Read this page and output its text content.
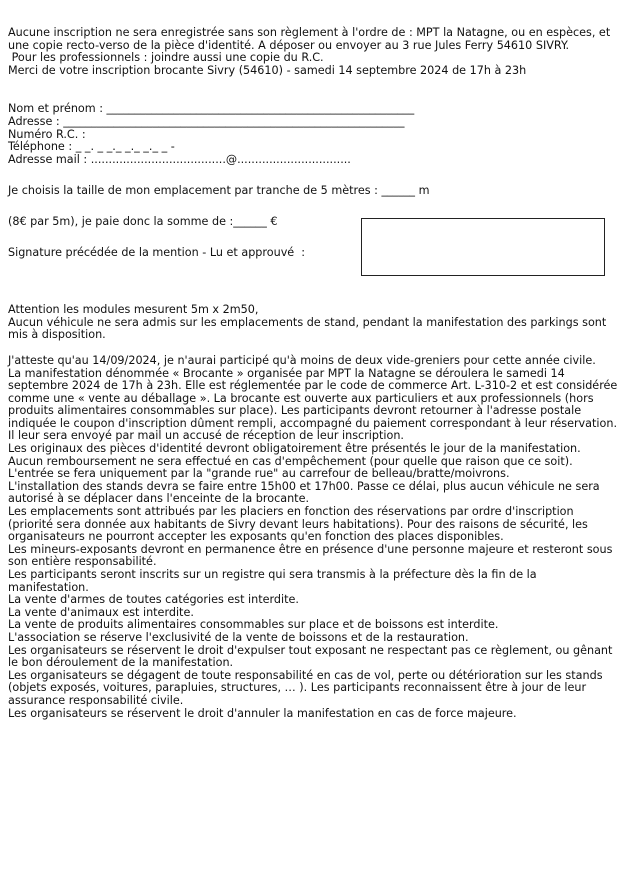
Aucune inscription ne sera enregistrée sans son règlement à l'ordre de : MPT la Natagne, ou en espèces, et une copie recto-verso de la pièce d'identité. A déposer ou envoyer au 3 rue Jules Ferry 54610 SIVRY.

Pour les professionnels : joindre aussi une copie du R.C.

Merci de votre inscription brocante Sivry (54610) - samedi 14 septembre 2024 de 17h à 23h

Nom et prénom : _______________________________________________________
Adresse : _____________________________________________________________
Numéro R.C. :
Téléphone : _ _. _ _._ _._ _._ _ -
Adresse mail : ......................................@................................
Je choisis la taille de mon emplacement par tranche de 5 mètres : ______ m
(8€ par 5m), je paie donc la somme de :______ €
Signature précédée de la mention - Lu et approuvé  :

Attention les modules mesurent 5m x 2m50,

Aucun véhicule ne sera admis sur les emplacements de stand, pendant la manifestation des parkings sont mis à disposition.

J'atteste qu'au 14/09/2024, je n'aurai participé qu'à moins de deux vide-greniers pour cette année civile.

La manifestation dénommée « Brocante » organisée par MPT la Natagne se déroulera le samedi 14 septembre 2024 de 17h à 23h. Elle est réglementée par le code de commerce Art. L-310-2 et est considérée comme une « vente au déballage ». La brocante est ouverte aux particuliers et aux professionnels (hors produits alimentaires consommables sur place). Les participants devront retourner à l'adresse postale indiquée le coupon d'inscription dûment rempli, accompagné du paiement correspondant à leur réservation. Il leur sera envoyé par mail un accusé de réception de leur inscription.

Les originaux des pièces d'identité devront obligatoirement être présentés le jour de la manifestation. Aucun remboursement ne sera effectué en cas d'empêchement (pour quelle que raison que ce soit).

L'entrée se fera uniquement par la "grande rue" au carrefour de belleau/bratte/moivrons.

L'installation des stands devra se faire entre 15h00 et 17h00. Passe ce délai, plus aucun véhicule ne sera autorisé à se déplacer dans l'enceinte de la brocante.

Les emplacements sont attribués par les placiers en fonction des réservations par ordre d'inscription (priorité sera donnée aux habitants de Sivry devant leurs habitations). Pour des raisons de sécurité, les organisateurs ne pourront accepter les exposants qu'en fonction des places disponibles.

Les mineurs-exposants devront en permanence être en présence d'une personne majeure et resteront sous son entière responsabilité.

Les participants seront inscrits sur un registre qui sera transmis à la préfecture dès la fin de la manifestation.

La vente d'armes de toutes catégories est interdite.

La vente d'animaux est interdite.

La vente de produits alimentaires consommables sur place et de boissons est interdite.

L'association se réserve l'exclusivité de la vente de boissons et de la restauration.

Les organisateurs se réservent le droit d'expulser tout exposant ne respectant pas ce règlement, ou gênant le bon déroulement de la manifestation.

Les organisateurs se dégagent de toute responsabilité en cas de vol, perte ou détérioration sur les stands (objets exposés, voitures, parapluies, structures, … ). Les participants reconnaissent être à jour de leur assurance responsabilité civile.

Les organisateurs se réservent le droit d'annuler la manifestation en cas de force majeure.
